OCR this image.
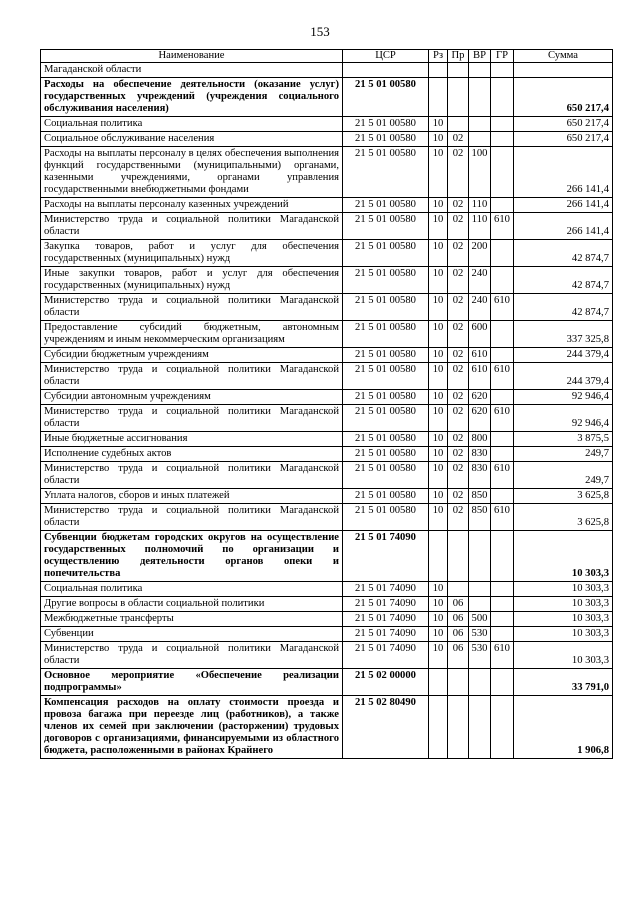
153
Наименование	ЦСР	Рз	Пр	ВР	ГР	Сумма
Магаданской области						
Расходы на обеспечение деятельности (оказание услуг) государственных учреждений (учреждения социального обслуживания населения)	21 5 01 00580					650 217,4
Социальная политика	21 5 01 00580	10				650 217,4
Социальное обслуживание населения	21 5 01 00580	10	02			650 217,4
Расходы на выплаты персоналу в целях обеспечения выполнения функций государственными (муниципальными) органами, казенными учреждениями, органами управления государственными внебюджетными фондами	21 5 01 00580	10	02	100		266 141,4
Расходы на выплаты персоналу казенных учреждений	21 5 01 00580	10	02	110		266 141,4
Министерство труда и социальной политики Магаданской области	21 5 01 00580	10	02	110	610	266 141,4
Закупка товаров, работ и услуг для обеспечения государственных (муниципальных) нужд	21 5 01 00580	10	02	200		42 874,7
Иные закупки товаров, работ и услуг для обеспечения государственных (муниципальных) нужд	21 5 01 00580	10	02	240		42 874,7
Министерство труда и социальной политики Магаданской области	21 5 01 00580	10	02	240	610	42 874,7
Предоставление субсидий бюджетным, автономным учреждениям и иным некоммерческим организациям	21 5 01 00580	10	02	600		337 325,8
Субсидии бюджетным учреждениям	21 5 01 00580	10	02	610		244 379,4
Министерство труда и социальной политики Магаданской области	21 5 01 00580	10	02	610	610	244 379,4
Субсидии автономным учреждениям	21 5 01 00580	10	02	620		92 946,4
Министерство труда и социальной политики Магаданской области	21 5 01 00580	10	02	620	610	92 946,4
Иные бюджетные ассигнования	21 5 01 00580	10	02	800		3 875,5
Исполнение судебных актов	21 5 01 00580	10	02	830		249,7
Министерство труда и социальной политики Магаданской области	21 5 01 00580	10	02	830	610	249,7
Уплата налогов, сборов и иных платежей	21 5 01 00580	10	02	850		3 625,8
Министерство труда и социальной политики Магаданской области	21 5 01 00580	10	02	850	610	3 625,8
Субвенции бюджетам городских округов на осуществление государственных полномочий по организации и осуществлению деятельности органов опеки и попечительства	21 5 01 74090					10 303,3
Социальная политика	21 5 01 74090	10				10 303,3
Другие вопросы в области социальной политики	21 5 01 74090	10	06			10 303,3
Межбюджетные трансферты	21 5 01 74090	10	06	500		10 303,3
Субвенции	21 5 01 74090	10	06	530		10 303,3
Министерство труда и социальной политики Магаданской области	21 5 01 74090	10	06	530	610	10 303,3
Основное мероприятие «Обеспечение реализации подпрограммы»	21 5 02 00000					33 791,0
Компенсация расходов на оплату стоимости проезда и провоза багажа при переезде лиц (работников), а также членов их семей при заключении (расторжении) трудовых договоров с организациями, финансируемыми из областного бюджета, расположенными в районах Крайнего	21 5 02 80490					1 906,8
